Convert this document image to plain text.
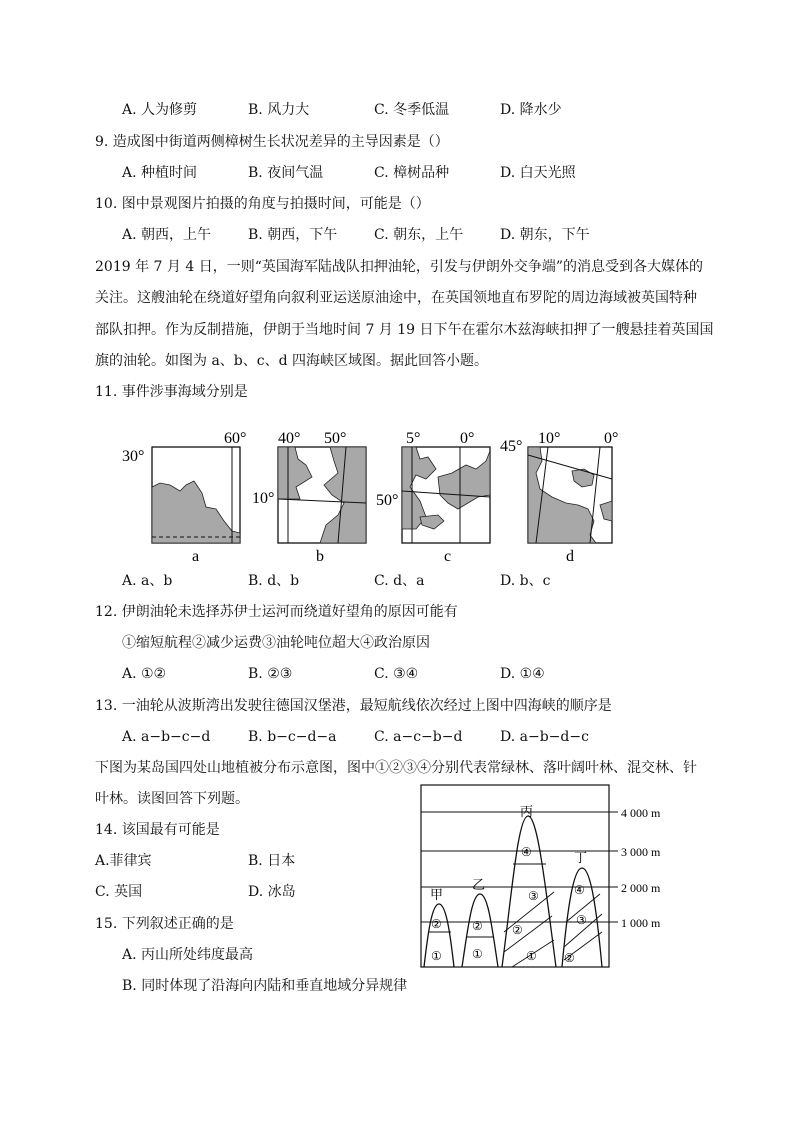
A. 人为修剪	B. 风力大	C. 冬季低温	D. 降水少
9. 造成图中街道两侧樟树生长状况差异的主导因素是（）
A. 种植时间	B. 夜间气温	C. 樟树品种	D. 白天光照
10. 图中景观图片拍摄的角度与拍摄时间，可能是（）
A. 朝西，上午	B. 朝西，下午	C. 朝东，上午	D. 朝东，下午
2019 年 7 月 4 日，一则“英国海军陆战队扣押油轮，引发与伊朗外交争端”的消息受到各大媒体的
关注。这艘油轮在绕道好望角向叙利亚运送原油途中，在英国领地直布罗陀的周边海域被英国特种
部队扣押。作为反制措施，伊朗于当地时间 7 月 19 日下午在霍尔木兹海峡扣押了一艘悬挂着英国国
旗的油轮。如图为 a、b、c、d 四海峡区域图。据此回答小题。
11. 事件涉事海域分别是
60°
30°
a
40° 50°
10°
b
5° 0°
50°
c
45° 10°	0°
d
A. a、b	B. d、b	C. d、a	D. b、c
12. 伊朗油轮未选择苏伊士运河而绕道好望角的原因可能有
①缩短航程②减少运费③油轮吨位超大④政治原因
A. ①②	B. ②③	C. ③④	D. ①④
13. 一油轮从波斯湾出发驶往德国汉堡港，最短航线依次经过上图中四海峡的顺序是
A. a−b−c−d	B. b−c−d−a	C. a−c−b−d	D. a−b−d−c
下图为某岛国四处山地植被分布示意图，图中①②③④分别代表常绿林、落叶阔叶林、混交林、针
叶林。读图回答下列题。
14. 该国最有可能是
A.菲律宾	B. 日本
C. 英国	D. 冰岛
15. 下列叙述正确的是
A. 丙山所处纬度最高
B. 同时体现了沿海向内陆和垂直地域分异规律
4 000 m
3 000 m
2 000 m
1 000 m
甲
②
①
乙
②
①
丙
④
③
②
①
丁
④
③
②
